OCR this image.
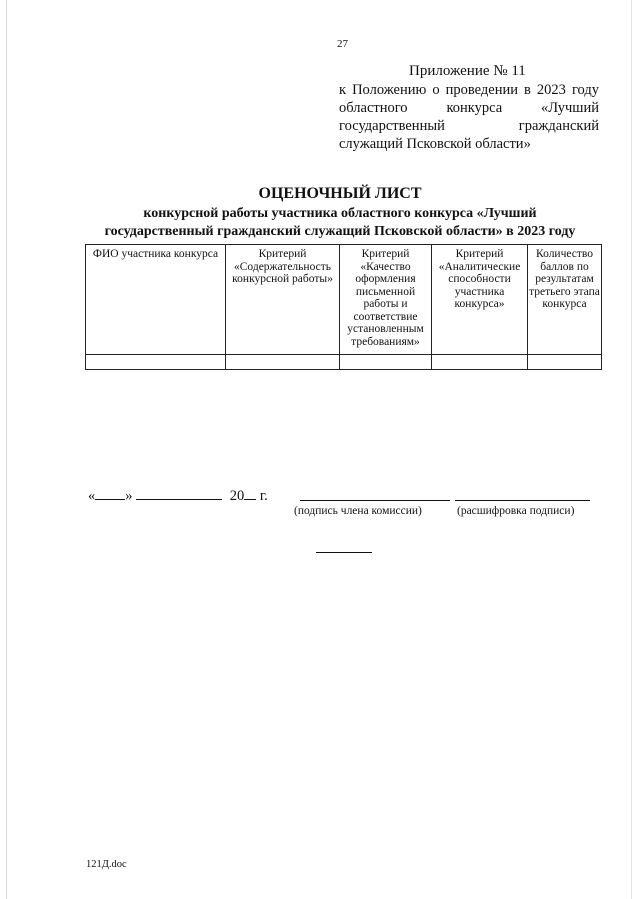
27
Приложение № 11
к Положению о проведении в 2023 году
областного конкурса «Лучший
государственный гражданский
служащий Псковской области»
ОЦЕНОЧНЫЙ ЛИСТ
конкурсной работы участника областного конкурса «Лучший
государственный гражданский служащий Псковской области» в 2023 году
ФИО участника конкурса	Критерий «Содержательность конкурсной работы»	Критерий «Качество оформления письменной работы и соответствие установленным требованиям»	Критерий «Аналитические способности участника конкурса»	Количество баллов по результатам третьего этапа конкурса

« »	20 г.
(подпись члена комиссии)	(расшифровка подписи)
121Д.doc
